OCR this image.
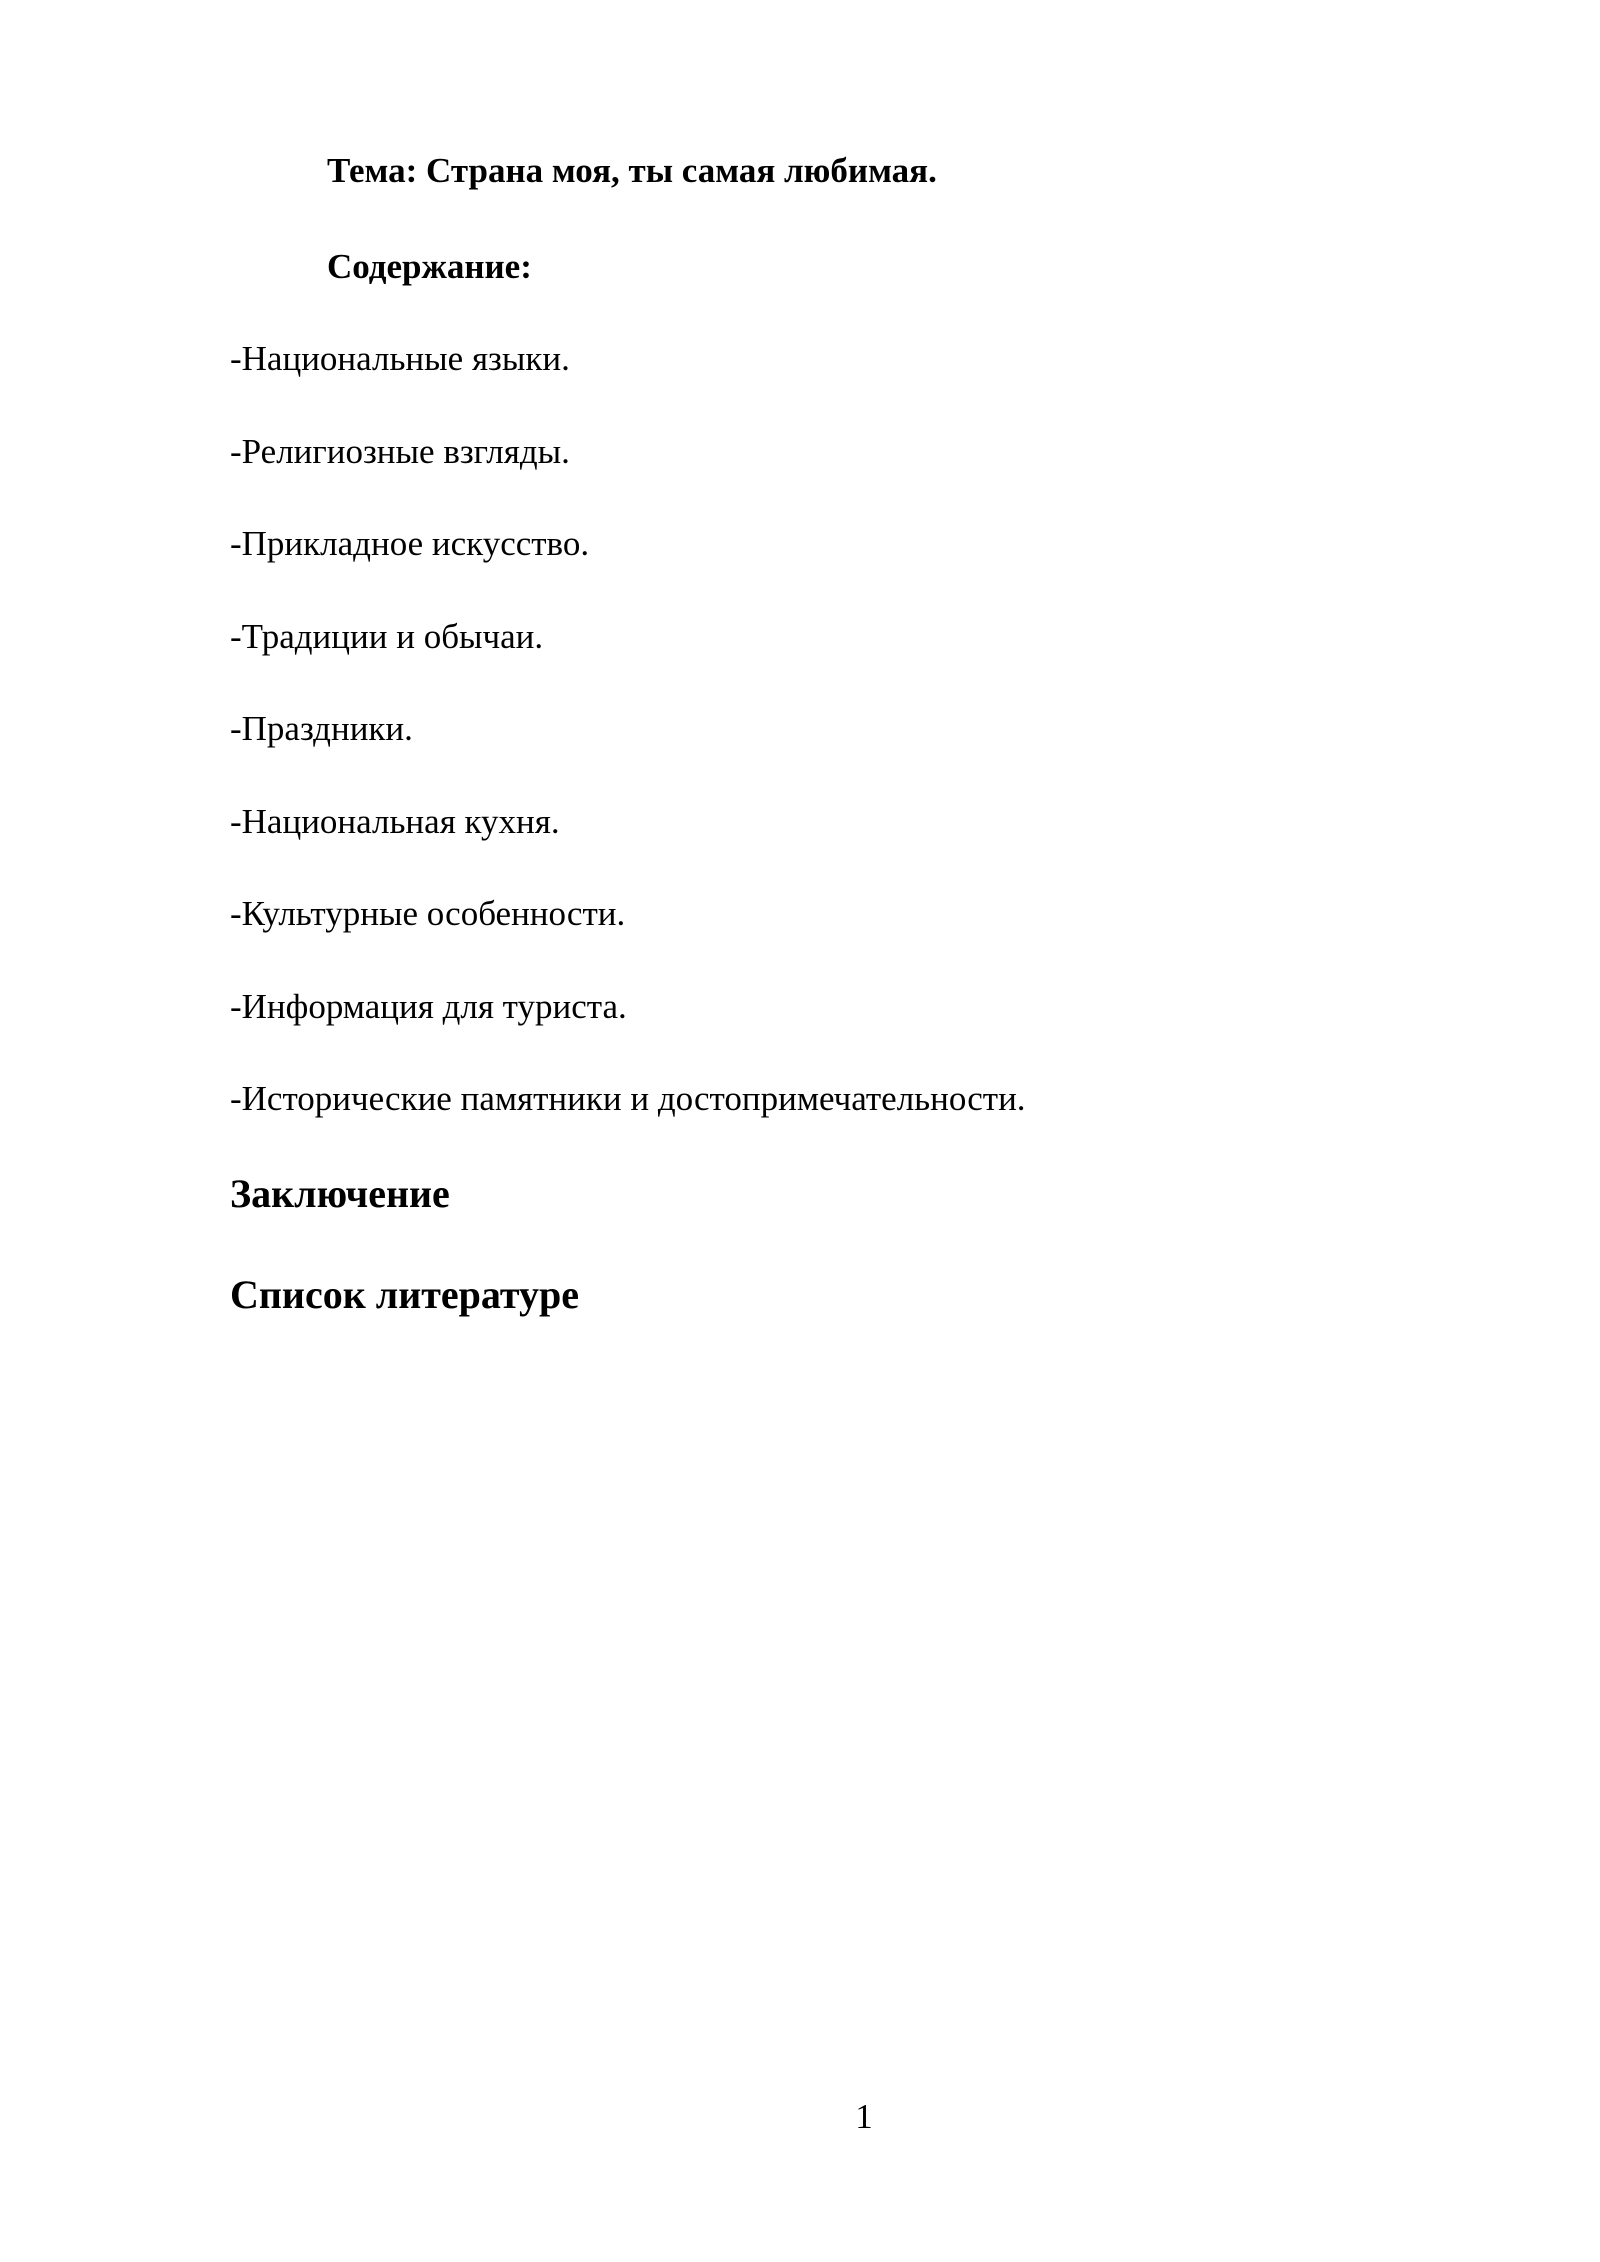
Тема: Страна моя, ты самая любимая.
Содержание:
-Национальные языки.
-Религиозные взгляды.
-Прикладное искусство.
-Традиции и обычаи.
-Праздники.
-Национальная кухня.
-Культурные особенности.
-Информация для туриста.
-Исторические памятники и достопримечательности.
Заключение
Список литературе
1
